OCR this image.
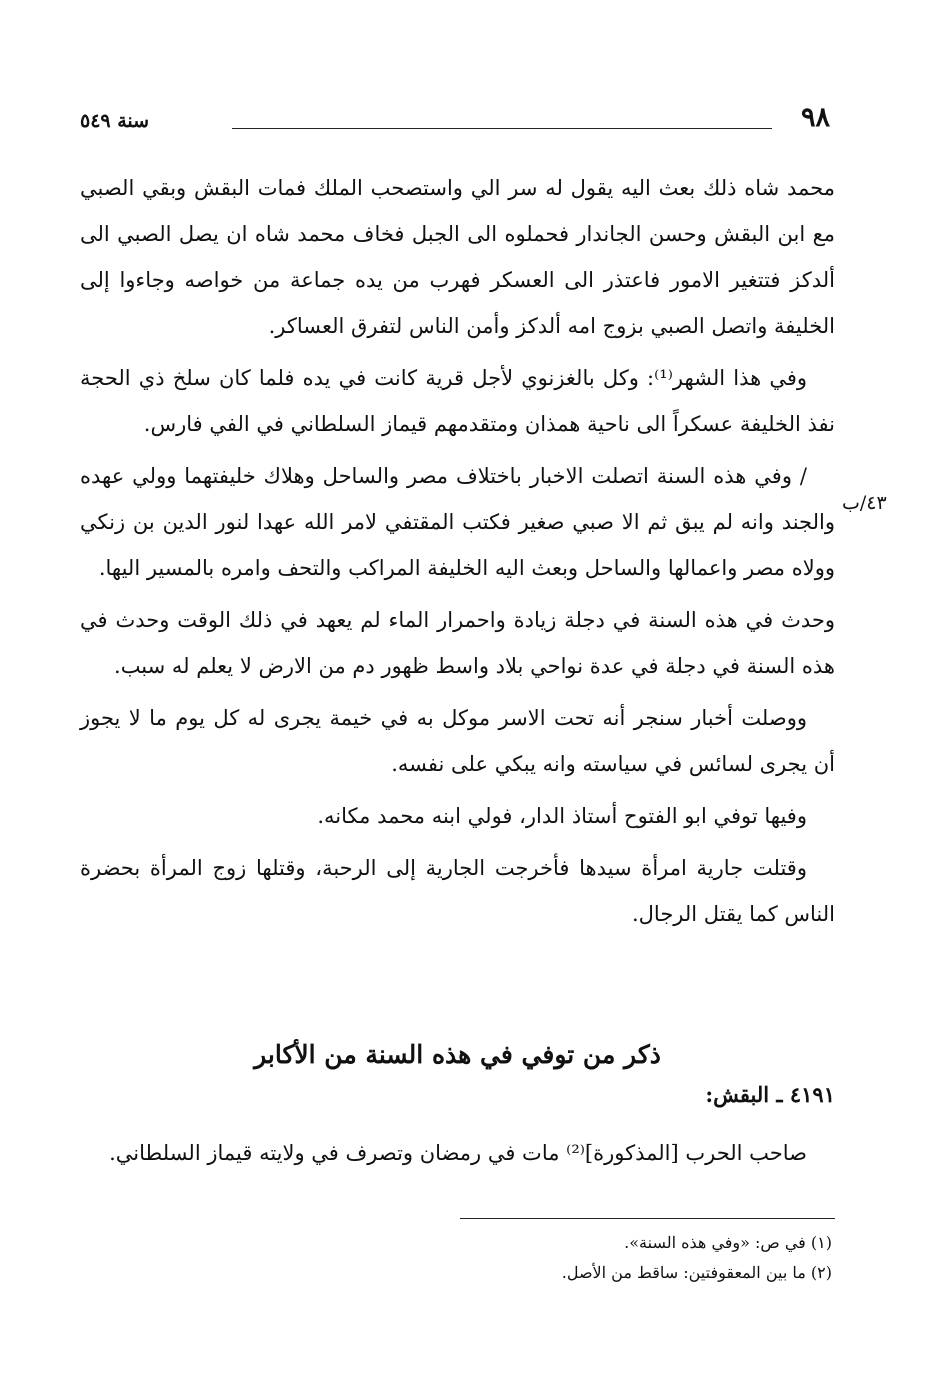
٩٨
سنة ٥٤٩
٤٣/ب

محمد شاه ذلك بعث اليه يقول له سر الي واستصحب الملك فمات البقش وبقي الصبي مع ابن البقش وحسن الجاندار فحملوه الى الجبل فخاف محمد شاه ان يصل الصبي الى ألدكز فتتغير الامور فاعتذر الى العسكر فهرب من يده جماعة من خواصه وجاءوا إلى الخليفة واتصل الصبي بزوج امه ألدكز وأمن الناس لتفرق العساكر.

وفي هذا الشهر⁽¹⁾: وكل بالغزنوي لأجل قرية كانت في يده فلما كان سلخ ذي الحجة نفذ الخليفة عسكراً الى ناحية همذان ومتقدمهم قيماز السلطاني في الفي فارس.

/ وفي هذه السنة اتصلت الاخبار باختلاف مصر والساحل وهلاك خليفتهما وولي عهده والجند وانه لم يبق ثم الا صبي صغير فكتب المقتفي لامر الله عهدا لنور الدين بن زنكي وولاه مصر واعمالها والساحل وبعث اليه الخليفة المراكب والتحف وامره بالمسير اليها.

وحدث في هذه السنة في دجلة زيادة واحمرار الماء لم يعهد في ذلك الوقت وحدث في هذه السنة في دجلة في عدة نواحي بلاد واسط ظهور دم من الارض لا يعلم له سبب.

ووصلت أخبار سنجر أنه تحت الاسر موكل به في خيمة يجرى له كل يوم ما لا يجوز أن يجرى لسائس في سياسته وانه يبكي على نفسه.

وفيها توفي ابو الفتوح أستاذ الدار، فولي ابنه محمد مكانه.

وقتلت جارية امرأة سيدها فأخرجت الجارية إلى الرحبة، وقتلها زوج المرأة بحضرة الناس كما يقتل الرجال.

ذكر من توفي في هذه السنة من الأكابر
٤١٩١ ـ البقش:
صاحب الحرب [المذكورة]⁽²⁾ مات في رمضان وتصرف في ولايته قيماز السلطاني.

(١) في ص: «وفي هذه السنة».

(٢) ما بين المعقوفتين: ساقط من الأصل.
